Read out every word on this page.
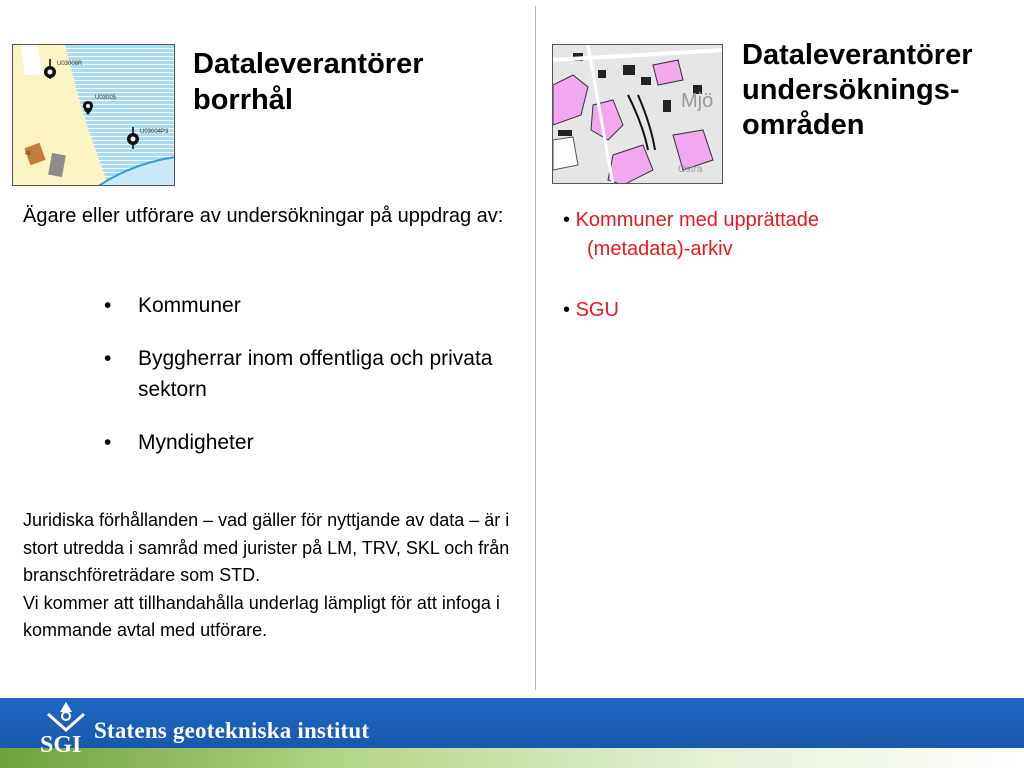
U03008R
U03005
U03004P3
49
Dataleverantörer
borrhål

Ägare eller utförare av undersökningar på uppdrag av:

• Kommuner
• Byggherrar inom offentliga och privata sektorn
• Myndigheter

Juridiska förhållanden – vad gäller för nyttjande av data – är i stort utredda i samråd med jurister på LM, TRV, SKL och från branschföreträdare som STD.

Vi kommer att tillhandahålla underlag lämpligt för att infoga i kommande avtal med utförare.

Mjö
Östra
Dataleverantörer
undersöknings-
områden
• Kommuner med upprättade
(metadata)-arkiv
• SGU
SGI
Statens geotekniska institut
